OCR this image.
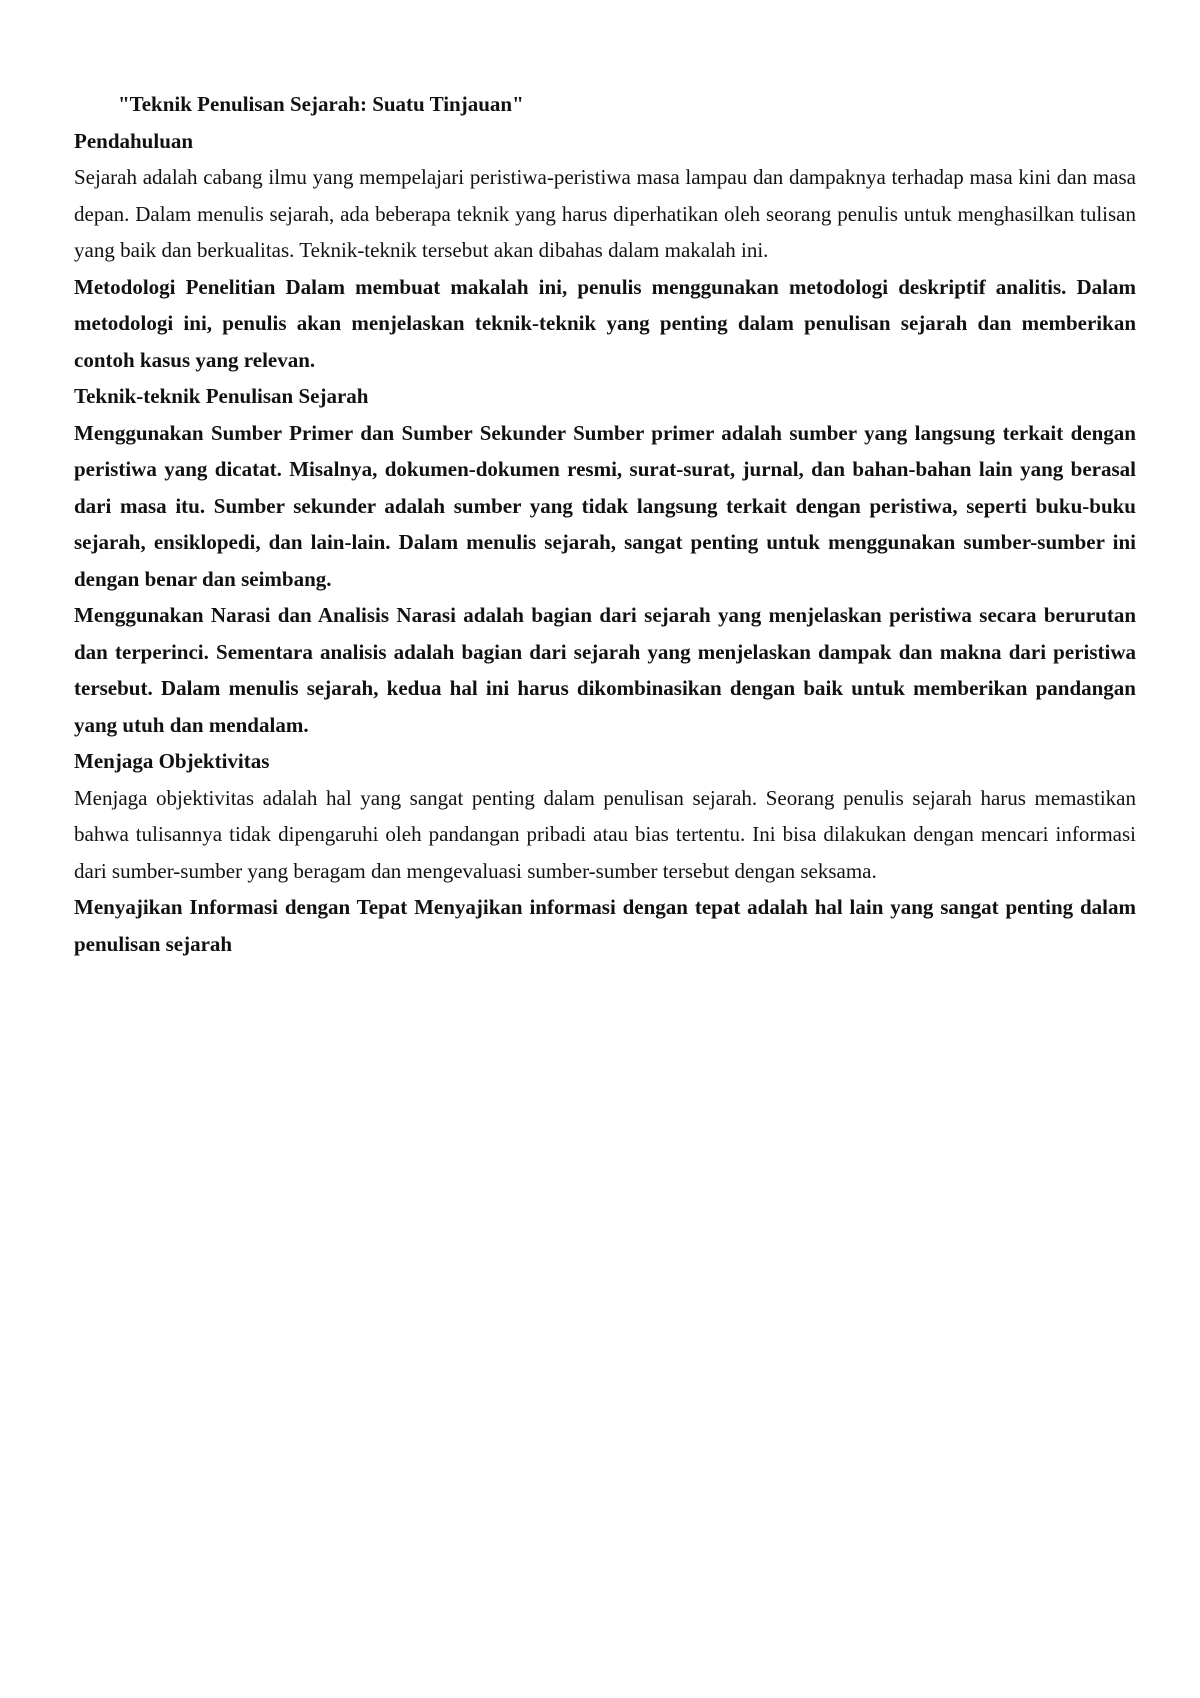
"Teknik Penulisan Sejarah: Suatu Tinjauan"

Pendahuluan

Sejarah adalah cabang ilmu yang mempelajari peristiwa-peristiwa masa lampau dan dampaknya terhadap masa kini dan masa depan. Dalam menulis sejarah, ada beberapa teknik yang harus diperhatikan oleh seorang penulis untuk menghasilkan tulisan yang baik dan berkualitas. Teknik-teknik tersebut akan dibahas dalam makalah ini.

Metodologi Penelitian Dalam membuat makalah ini, penulis menggunakan metodologi deskriptif analitis. Dalam metodologi ini, penulis akan menjelaskan teknik-teknik yang penting dalam penulisan sejarah dan memberikan contoh kasus yang relevan.

Teknik-teknik Penulisan Sejarah

Menggunakan Sumber Primer dan Sumber Sekunder Sumber primer adalah sumber yang langsung terkait dengan peristiwa yang dicatat. Misalnya, dokumen-dokumen resmi, surat-surat, jurnal, dan bahan-bahan lain yang berasal dari masa itu. Sumber sekunder adalah sumber yang tidak langsung terkait dengan peristiwa, seperti buku-buku sejarah, ensiklopedi, dan lain-lain. Dalam menulis sejarah, sangat penting untuk menggunakan sumber-sumber ini dengan benar dan seimbang.

Menggunakan Narasi dan Analisis Narasi adalah bagian dari sejarah yang menjelaskan peristiwa secara berurutan dan terperinci. Sementara analisis adalah bagian dari sejarah yang menjelaskan dampak dan makna dari peristiwa tersebut. Dalam menulis sejarah, kedua hal ini harus dikombinasikan dengan baik untuk memberikan pandangan yang utuh dan mendalam.

Menjaga Objektivitas

Menjaga objektivitas adalah hal yang sangat penting dalam penulisan sejarah. Seorang penulis sejarah harus memastikan bahwa tulisannya tidak dipengaruhi oleh pandangan pribadi atau bias tertentu. Ini bisa dilakukan dengan mencari informasi dari sumber-sumber yang beragam dan mengevaluasi sumber-sumber tersebut dengan seksama.

Menyajikan Informasi dengan Tepat Menyajikan informasi dengan tepat adalah hal lain yang sangat penting dalam penulisan sejarah
